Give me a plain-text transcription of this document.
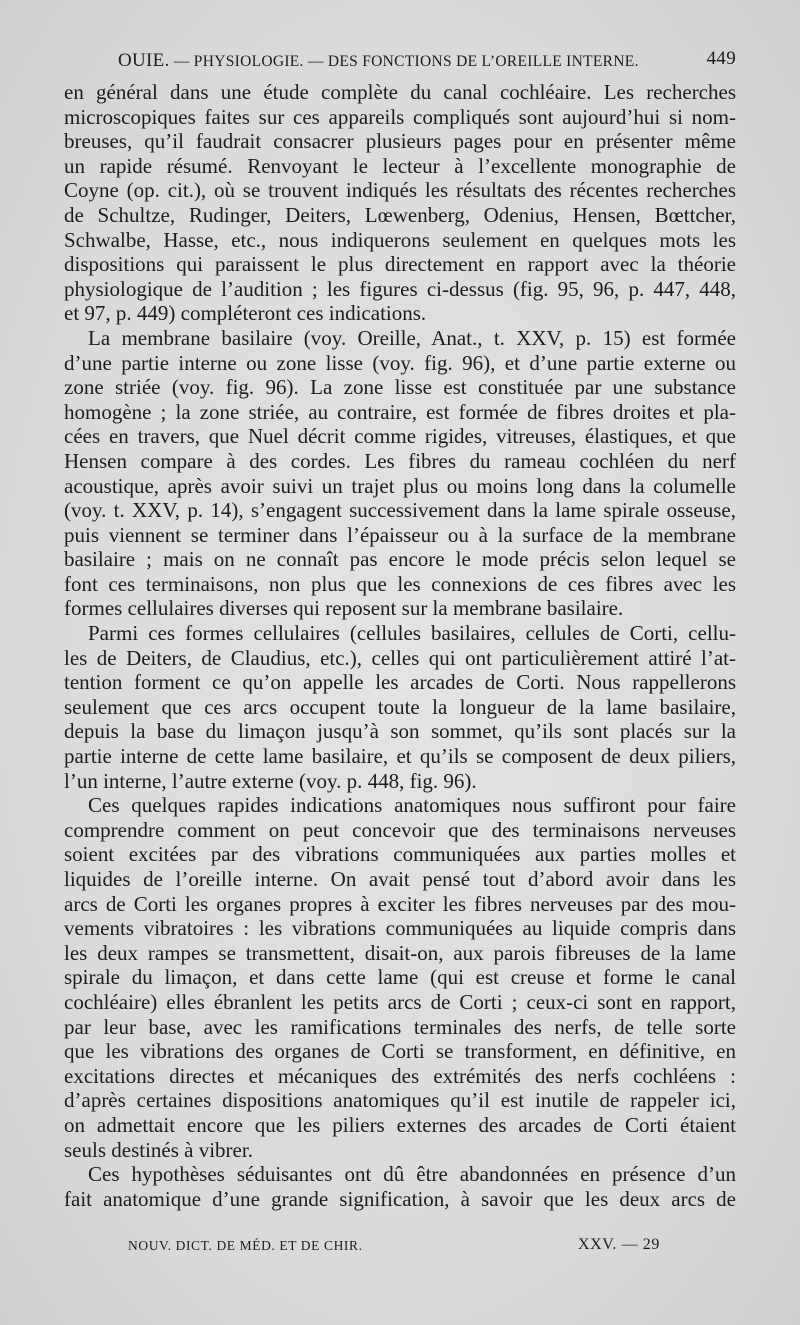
OUIE. — PHYSIOLOGIE. — DES FONCTIONS DE L’OREILLE INTERNE.	449

en général dans une étude complète du canal cochléaire. Les recherches
microscopiques faites sur ces appareils compliqués sont aujourd’hui si nom-
breuses, qu’il faudrait consacrer plusieurs pages pour en présenter même
un rapide résumé. Renvoyant le lecteur à l’excellente monographie de
Coyne (op. cit.), où se trouvent indiqués les résultats des récentes recherches
de Schultze, Rudinger, Deiters, Lœwenberg, Odenius, Hensen, Bœttcher,
Schwalbe, Hasse, etc., nous indiquerons seulement en quelques mots les
dispositions qui paraissent le plus directement en rapport avec la théorie
physiologique de l’audition ; les figures ci-dessus (fig. 95, 96, p. 447, 448,
et 97, p. 449) compléteront ces indications.

La membrane basilaire (voy. Oreille, Anat., t. XXV, p. 15) est formée
d’une partie interne ou zone lisse (voy. fig. 96), et d’une partie externe ou
zone striée (voy. fig. 96). La zone lisse est constituée par une substance
homogène ; la zone striée, au contraire, est formée de fibres droites et pla-
cées en travers, que Nuel décrit comme rigides, vitreuses, élastiques, et que
Hensen compare à des cordes. Les fibres du rameau cochléen du nerf
acoustique, après avoir suivi un trajet plus ou moins long dans la columelle
(voy. t. XXV, p. 14), s’engagent successivement dans la lame spirale osseuse,
puis viennent se terminer dans l’épaisseur ou à la surface de la membrane
basilaire ; mais on ne connaît pas encore le mode précis selon lequel se
font ces terminaisons, non plus que les connexions de ces fibres avec les
formes cellulaires diverses qui reposent sur la membrane basilaire.

Parmi ces formes cellulaires (cellules basilaires, cellules de Corti, cellu-
les de Deiters, de Claudius, etc.), celles qui ont particulièrement attiré l’at-
tention forment ce qu’on appelle les arcades de Corti. Nous rappellerons
seulement que ces arcs occupent toute la longueur de la lame basilaire,
depuis la base du limaçon jusqu’à son sommet, qu’ils sont placés sur la
partie interne de cette lame basilaire, et qu’ils se composent de deux piliers,
l’un interne, l’autre externe (voy. p. 448, fig. 96).

Ces quelques rapides indications anatomiques nous suffiront pour faire
comprendre comment on peut concevoir que des terminaisons nerveuses
soient excitées par des vibrations communiquées aux parties molles et
liquides de l’oreille interne. On avait pensé tout d’abord avoir dans les
arcs de Corti les organes propres à exciter les fibres nerveuses par des mou-
vements vibratoires : les vibrations communiquées au liquide compris dans
les deux rampes se transmettent, disait-on, aux parois fibreuses de la lame
spirale du limaçon, et dans cette lame (qui est creuse et forme le canal
cochléaire) elles ébranlent les petits arcs de Corti ; ceux-ci sont en rapport,
par leur base, avec les ramifications terminales des nerfs, de telle sorte
que les vibrations des organes de Corti se transforment, en définitive, en
excitations directes et mécaniques des extrémités des nerfs cochléens :
d’après certaines dispositions anatomiques qu’il est inutile de rappeler ici,
on admettait encore que les piliers externes des arcades de Corti étaient
seuls destinés à vibrer.

Ces hypothèses séduisantes ont dû être abandonnées en présence d’un
fait anatomique d’une grande signification, à savoir que les deux arcs de

NOUV. DICT. DE MÉD. ET DE CHIR.	XXV. — 29
